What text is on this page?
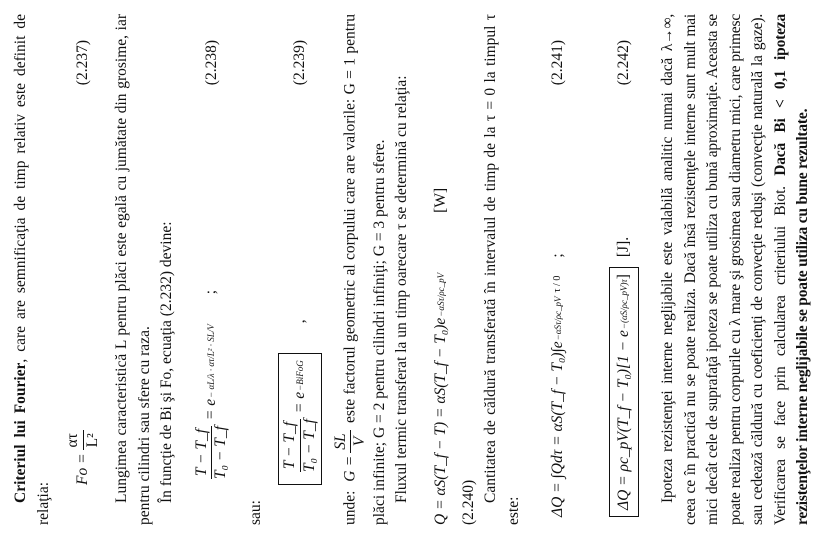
Criteriul lui Fourier, care are semnificaţia de timp relativ este definit de relaţia:

Fo =
ατ L²
(2.237) Lungimea caracteristică L pentru plăci este egală cu jumătate din grosime, iar pentru cilindri sau sfere cu raza. În funcţie de Bi şi Fo, ecuaţia (2.232) devine: T − T_f T₀ − T_f
= e
− αL/λ · ατ/L² · SL/V
;
(2.238)

sau:

T − T_f T₀ − T_f
= e
−BiFoG
,
(2.239)

unde:  G =
SL V
este factorul geometric al corpului care are valorile: G = 1 pentru plăci infinite; G = 2 pentru cilindri infiniţi; G = 3 pentru sfere. Fluxul termic transferat la un timp oarecare τ se determină cu relaţia: Q = αS(T_f − T) = αS(T_f − T₀)e
−αSτ/ρc_pV
[W]

(2.240) Cantitatea de căldură transferată în intervalul de timp de la τ = 0 la timpul τ este: ΔQ = ∫Qdτ = αS(T_f − T₀)∫e
−αSτ/ρc_pV
τ / 0
;
(2.241)
ΔQ = ρc_pV(T_f − T₀)[1 − e
−(αS/ρc_pV)τ
]
[J].
(2.242) Ipoteza rezistenţei interne neglijabile este valabilă analitic numai dacă λ→∞, ceea ce în practică nu se poate realiza. Dacă însă rezistenţele interne sunt mult mai mici decât cele de suprafaţă ipoteza se poate utiliza cu bună aproximaţie. Aceasta se poate realiza pentru corpurile cu λ mare şi grosimea sau diametru mici, care primesc sau cedează căldură cu coeficienţi de convecţie reduşi (convecţie naturală la gaze). Verificarea se face prin calcularea criteriului Biot. Dacă Bi < 0,1 ipoteza rezistenţelor interne neglijabile se poate utiliza cu bune rezultate.
